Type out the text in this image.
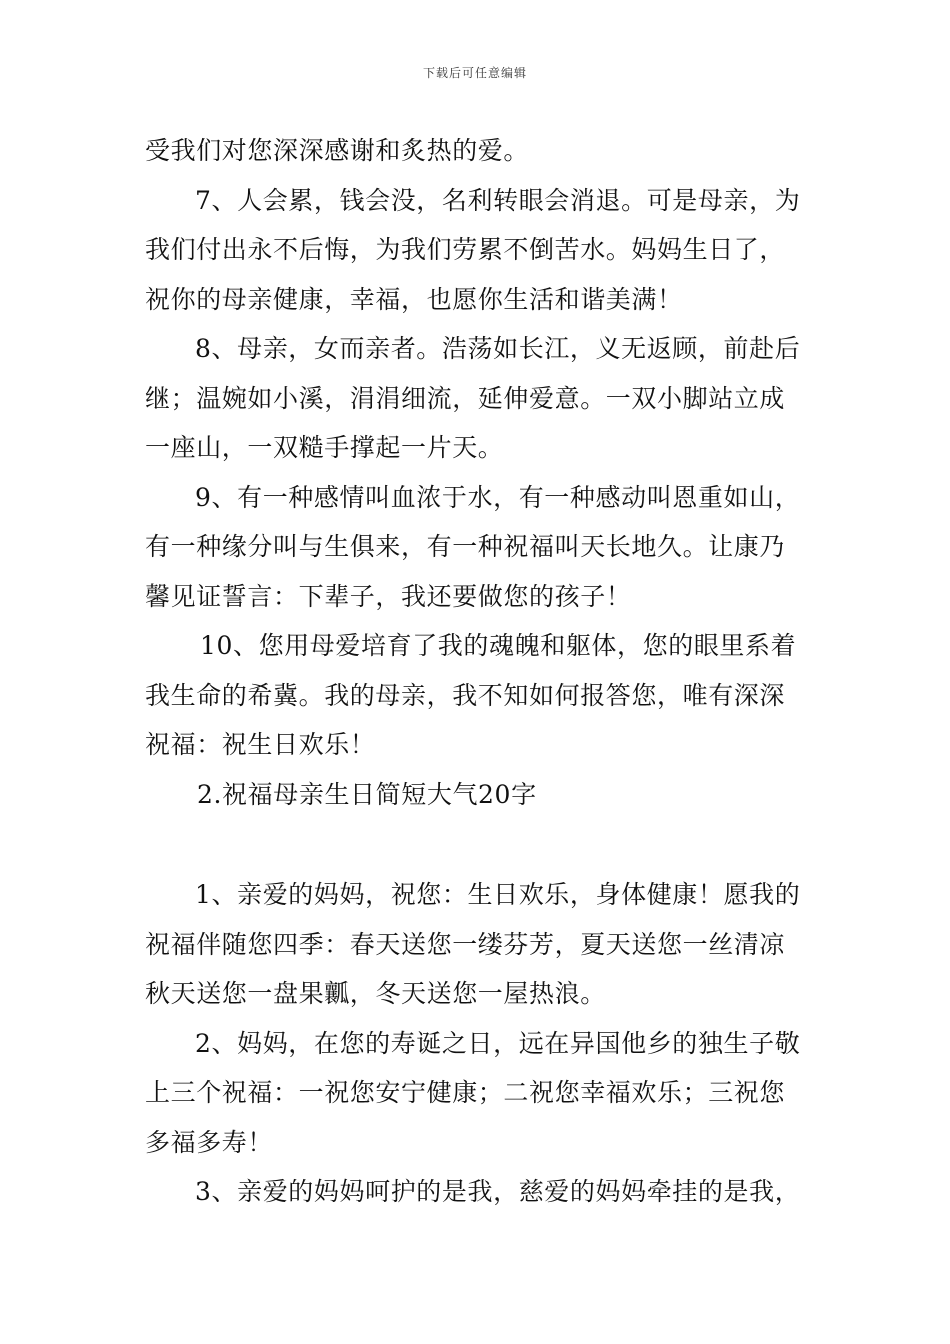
下载后可任意编辑
受我们对您深深感谢和炙热的爱。
7、人会累，钱会没，名利转眼会消退。可是母亲，为
我们付出永不后悔，为我们劳累不倒苦水。妈妈生日了，
祝你的母亲健康，幸福，也愿你生活和谐美满！
8、母亲，女而亲者。浩荡如长江，义无返顾，前赴后
继；温婉如小溪，涓涓细流，延伸爱意。一双小脚站立成
一座山，一双糙手撑起一片天。
9、有一种感情叫血浓于水，有一种感动叫恩重如山，
有一种缘分叫与生俱来，有一种祝福叫天长地久。让康乃
馨见证誓言：下辈子，我还要做您的孩子！
10、您用母爱培育了我的魂魄和躯体，您的眼里系着
我生命的希冀。我的母亲，我不知如何报答您，唯有深深
祝福：祝生日欢乐！
2.祝福母亲生日简短大气20字
1、亲爱的妈妈，祝您：生日欢乐，身体健康！愿我的
祝福伴随您四季：春天送您一缕芬芳，夏天送您一丝清凉
秋天送您一盘果瓤，冬天送您一屋热浪。
2、妈妈，在您的寿诞之日，远在异国他乡的独生子敬
上三个祝福：一祝您安宁健康；二祝您幸福欢乐；三祝您
多福多寿！
3、亲爱的妈妈呵护的是我，慈爱的妈妈牵挂的是我，
